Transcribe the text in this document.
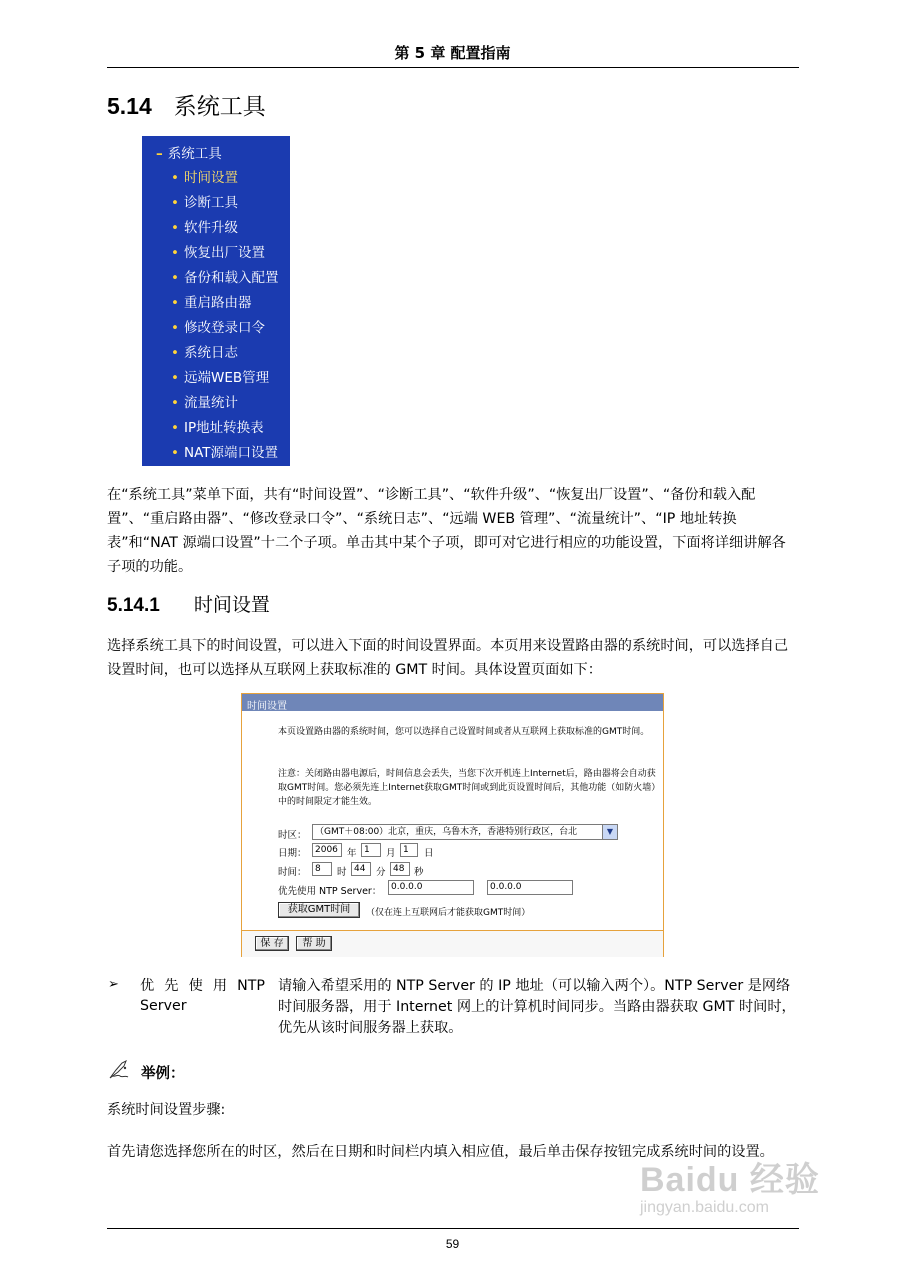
第 5 章 配置指南
5.14 系统工具
– 系统工具
• 时间设置
• 诊断工具
• 软件升级
• 恢复出厂设置
• 备份和载入配置
• 重启路由器
• 修改登录口令
• 系统日志
• 远端WEB管理
• 流量统计
• IP地址转换表
• NAT源端口设置
在“系统工具”菜单下面，共有“时间设置”、“诊断工具”、“软件升级”、“恢复出厂设置”、“备份和载入配置”、“重启路由器”、“修改登录口令”、“系统日志”、“远端 WEB 管理”、“流量统计”、“IP 地址转换表”和“NAT 源端口设置”十二个子项。单击其中某个子项，即可对它进行相应的功能设置，下面将详细讲解各子项的功能。
5.14.1 时间设置
选择系统工具下的时间设置，可以进入下面的时间设置界面。本页用来设置路由器的系统时间，可以选择自己设置时间，也可以选择从互联网上获取标准的 GMT 时间。具体设置页面如下：
时间设置
本页设置路由器的系统时间，您可以选择自己设置时间或者从互联网上获取标准的GMT时间。
注意：关闭路由器电源后，时间信息会丢失，当您下次开机连上Internet后，路由器将会自动获取GMT时间。您必须先连上Internet获取GMT时间或到此页设置时间后，其他功能（如防火墙）中的时间限定才能生效。
时区： （GMT＋08:00）北京，重庆，乌鲁木齐，香港特别行政区，台北	▼
日期： 2006 年 1	月 1	日
时间： 8	时 44	分 48	秒
优先使用 NTP Server：	0.0.0.0	0.0.0.0
获取GMT时间	（仅在连上互联网后才能获取GMT时间）
保 存	帮 助
➢ 优 先 使 用 NTP
Server
请输入希望采用的 NTP Server 的 IP 地址（可以输入两个）。NTP Server 是网络时间服务器，用于 Internet 网上的计算机时间同步。当路由器获取 GMT 时间时，优先从该时间服务器上获取。
举例：
系统时间设置步骤:
首先请您选择您所在的时区，然后在日期和时间栏内填入相应值，最后单击保存按钮完成系统时间的设置。
Baidu 经验
jingyan.baidu.com
59
